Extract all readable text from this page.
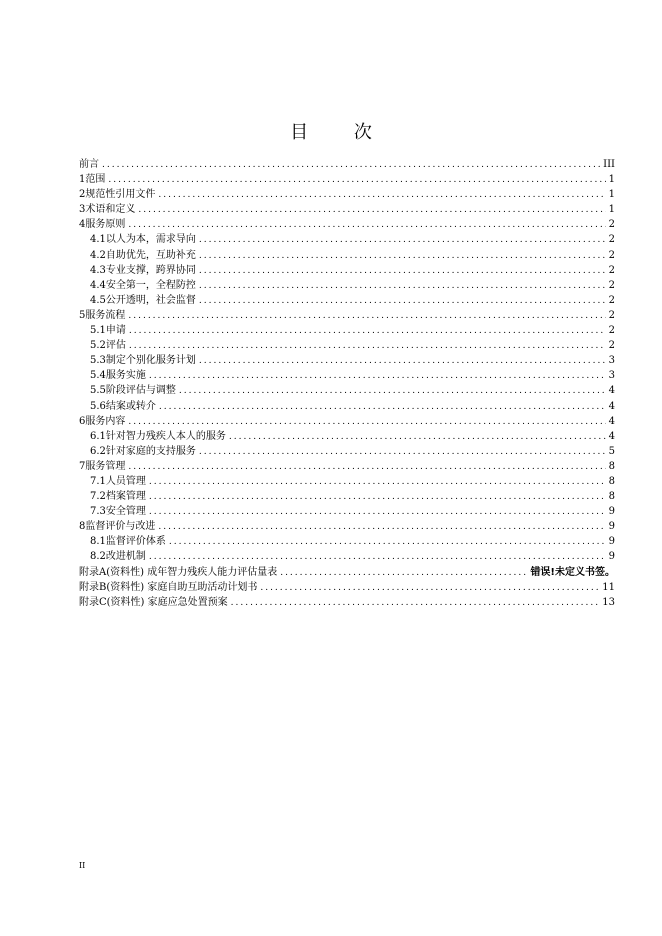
目 次
前 言 .....	III
1 范围 .....	1
2 规范性引用文件 .....	1
3 术语和定义 .....	1
4 服务原则 .....	2
4.1 以人为本，需求导向 .....	2
4.2 自助优先，互助补充 .....	2
4.3 专业支撑，跨界协同 .....	2
4.4 安全第一，全程防控 .....	2
4.5 公开透明，社会监督 .....	2
5 服务流程 .....	2
5.1 申请 .....	2
5.2 评估 .....	2
5.3 制定个别化服务计划 .....	3
5.4 服务实施 .....	3
5.5 阶段评估与调整 .....	4
5.6 结案或转介 .....	4
6 服务内容 .....	4
6.1 针对智力残疾人本人的服务 .....	4
6.2 针对家庭的支持服务 .....	5
7 服务管理 .....	8
7.1 人员管理 .....	8
7.2 档案管理 .....	8
7.3 安全管理 .....	9
8 监督评价与改进 .....	9
8.1 监督评价体系 .....	9
8.2 改进机制 .....	9
附录A(资料性) 成年智力残疾人能力评估量表 .....	错误!未定义书签。
附录B(资料性) 家庭自助互助活动计划书 .....	11
附录C(资料性) 家庭应急处置预案 .....	13
II
